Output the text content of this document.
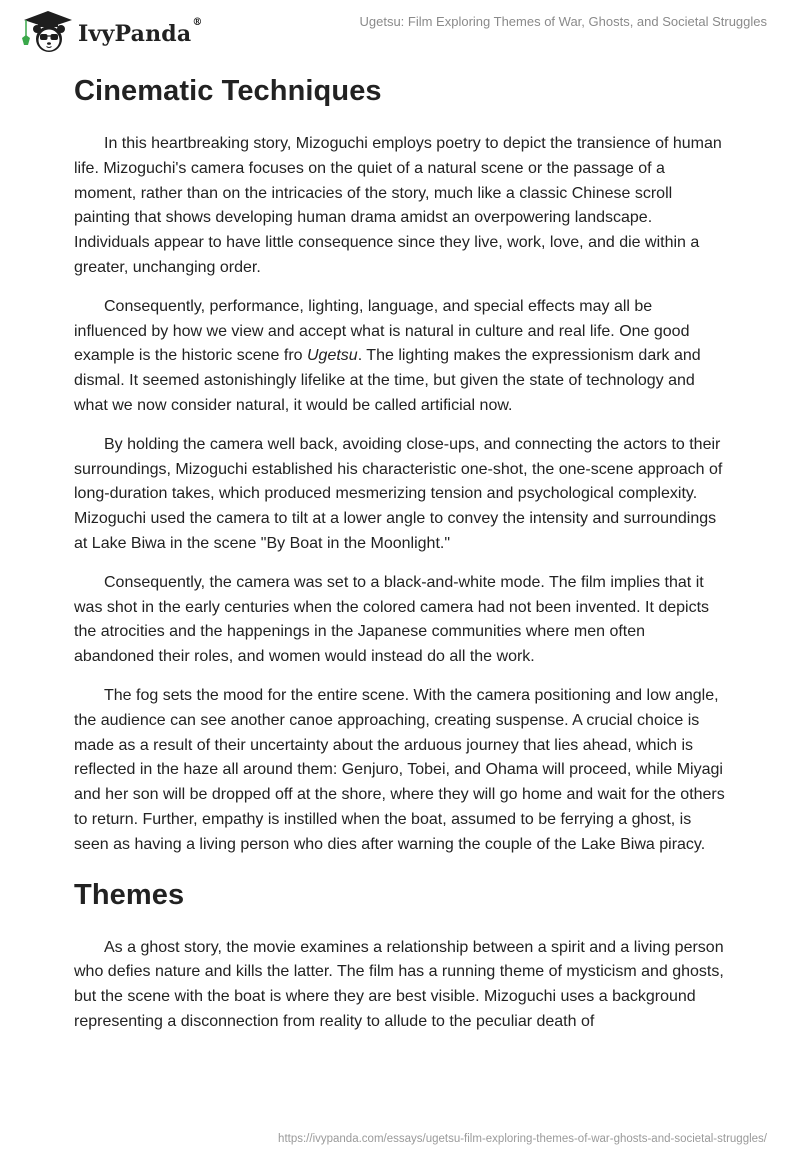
IvyPanda®	Ugetsu: Film Exploring Themes of War, Ghosts, and Societal Struggles
Cinematic Techniques

In this heartbreaking story, Mizoguchi employs poetry to depict the transience of human life. Mizoguchi's camera focuses on the quiet of a natural scene or the passage of a moment, rather than on the intricacies of the story, much like a classic Chinese scroll painting that shows developing human drama amidst an overpowering landscape. Individuals appear to have little consequence since they live, work, love, and die within a greater, unchanging order.

Consequently, performance, lighting, language, and special effects may all be influenced by how we view and accept what is natural in culture and real life. One good example is the historic scene fro Ugetsu. The lighting makes the expressionism dark and dismal. It seemed astonishingly lifelike at the time, but given the state of technology and what we now consider natural, it would be called artificial now.

By holding the camera well back, avoiding close-ups, and connecting the actors to their surroundings, Mizoguchi established his characteristic one-shot, the one-scene approach of long-duration takes, which produced mesmerizing tension and psychological complexity. Mizoguchi used the camera to tilt at a lower angle to convey the intensity and surroundings at Lake Biwa in the scene "By Boat in the Moonlight."

Consequently, the camera was set to a black-and-white mode. The film implies that it was shot in the early centuries when the colored camera had not been invented. It depicts the atrocities and the happenings in the Japanese communities where men often abandoned their roles, and women would instead do all the work.

The fog sets the mood for the entire scene. With the camera positioning and low angle, the audience can see another canoe approaching, creating suspense. A crucial choice is made as a result of their uncertainty about the arduous journey that lies ahead, which is reflected in the haze all around them: Genjuro, Tobei, and Ohama will proceed, while Miyagi and her son will be dropped off at the shore, where they will go home and wait for the others to return. Further, empathy is instilled when the boat, assumed to be ferrying a ghost, is seen as having a living person who dies after warning the couple of the Lake Biwa piracy.

Themes

As a ghost story, the movie examines a relationship between a spirit and a living person who defies nature and kills the latter. The film has a running theme of mysticism and ghosts, but the scene with the boat is where they are best visible. Mizoguchi uses a background representing a disconnection from reality to allude to the peculiar death of

https://ivypanda.com/essays/ugetsu-film-exploring-themes-of-war-ghosts-and-societal-struggles/
